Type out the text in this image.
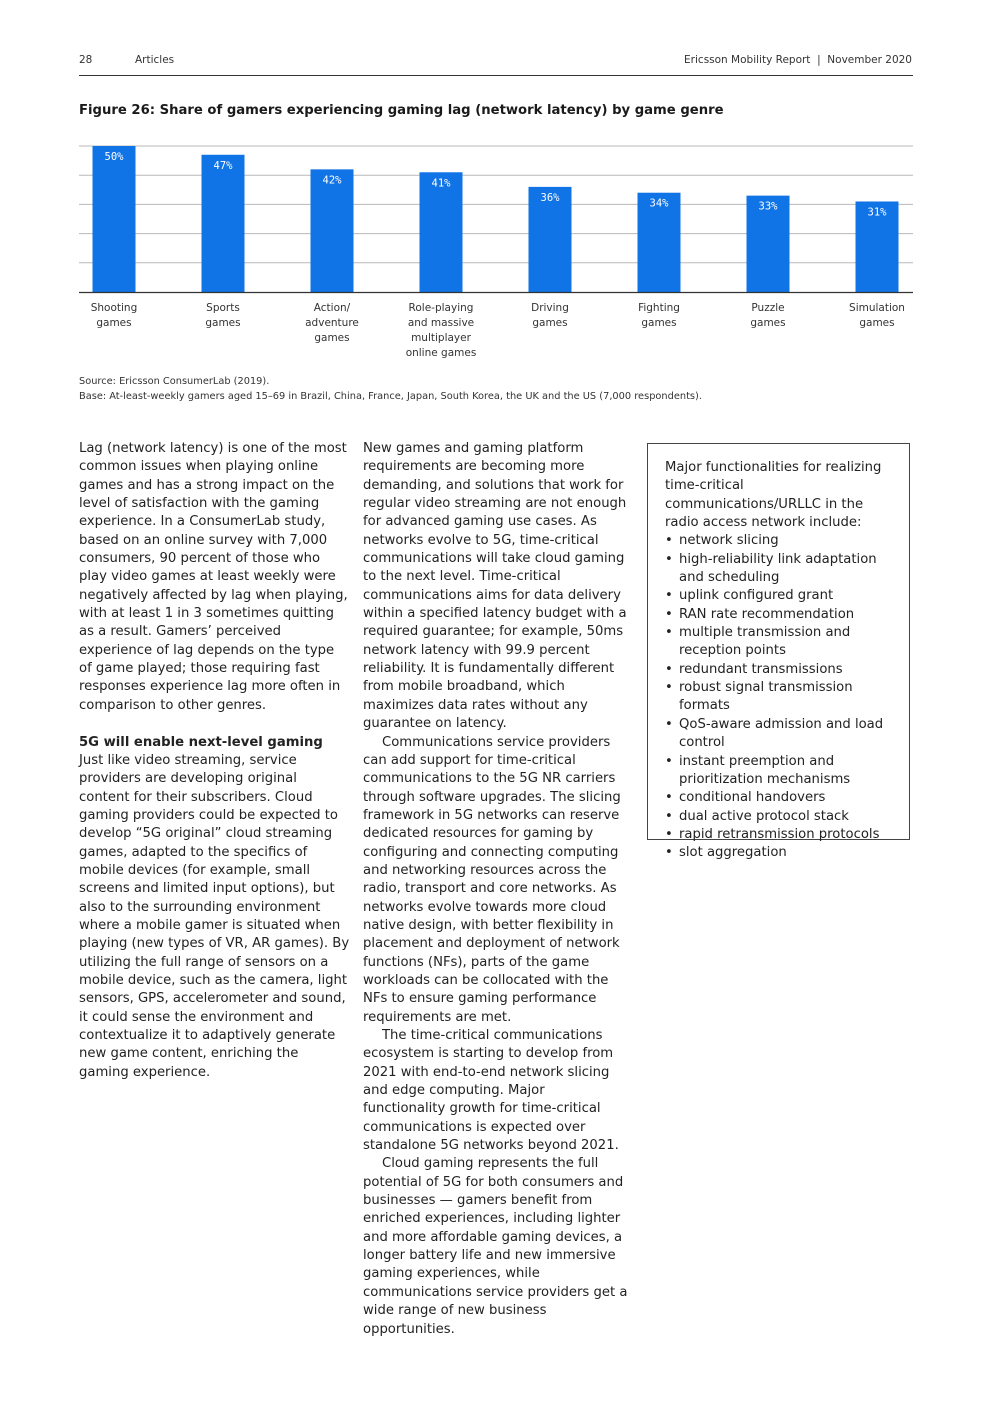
28	Articles	Ericsson Mobility Report  |  November 2020
Figure 26: Share of gamers experiencing gaming lag (network latency) by game genre
50%
Shooting
games
47%
Sports
games
42%
Action/
adventure
games
41%
Role-playing
and massive
multiplayer
online games
36%
Driving
games
34%
Fighting
games
33%
Puzzle
games
31%
Simulation
games
Source: Ericsson ConsumerLab (2019).
Base: At-least-weekly gamers aged 15–69 in Brazil, China, France, Japan, South Korea, the UK and the US (7,000 respondents).

Lag (network latency) is one of the most common issues when playing online games and has a strong impact on the level of satisfaction with the gaming experience. In a ConsumerLab study, based on an online survey with 7,000 consumers, 90 percent of those who play video games at least weekly were negatively affected by lag when playing, with at least 1 in 3 sometimes quitting as a result. Gamers’ perceived experience of lag depends on the type of game played; those requiring fast responses experience lag more often in comparison to other genres.

5G will enable next-level gaming

Just like video streaming, service providers are developing original content for their subscribers. Cloud gaming providers could be expected to develop “5G original” cloud streaming games, adapted to the specifics of mobile devices (for example, small screens and limited input options), but also to the surrounding environment where a mobile gamer is situated when playing (new types of VR, AR games). By utilizing the full range of sensors on a mobile device, such as the camera, light sensors, GPS, accelerometer and sound, it could sense the environment and contextualize it to adaptively generate new game content, enriching the gaming experience.

New games and gaming platform requirements are becoming more demanding, and solutions that work for regular video streaming are not enough for advanced gaming use cases. As networks evolve to 5G, time-critical communications will take cloud gaming to the next level. Time-critical communications aims for data delivery within a specified latency budget with a required guarantee; for example, 50ms network latency with 99.9 percent reliability. It is fundamentally different from mobile broadband, which maximizes data rates without any guarantee on latency.

Communications service providers can add support for time-critical communications to the 5G NR carriers through software upgrades. The slicing framework in 5G networks can reserve dedicated resources for gaming by configuring and connecting computing and networking resources across the radio, transport and core networks. As networks evolve towards more cloud native design, with better flexibility in placement and deployment of network functions (NFs), parts of the game workloads can be collocated with the NFs to ensure gaming performance requirements are met.

The time-critical communications ecosystem is starting to develop from 2021 with end-to-end network slicing and edge computing. Major functionality growth for time-critical communications is expected over standalone 5G networks beyond 2021.

Cloud gaming represents the full potential of 5G for both consumers and businesses — gamers benefit from enriched experiences, including lighter and more affordable gaming devices, a longer battery life and new immersive gaming experiences, while communications service providers get a wide range of new business opportunities.

Major functionalities for realizing time-critical communications/URLLC in the radio access network include:
• network slicing
• high-reliability link adaptation and scheduling
• uplink configured grant
• RAN rate recommendation
• multiple transmission and reception points
• redundant transmissions
• robust signal transmission formats
• QoS-aware admission and load control
• instant preemption and prioritization mechanisms
• conditional handovers
• dual active protocol stack
• rapid retransmission protocols
• slot aggregation
